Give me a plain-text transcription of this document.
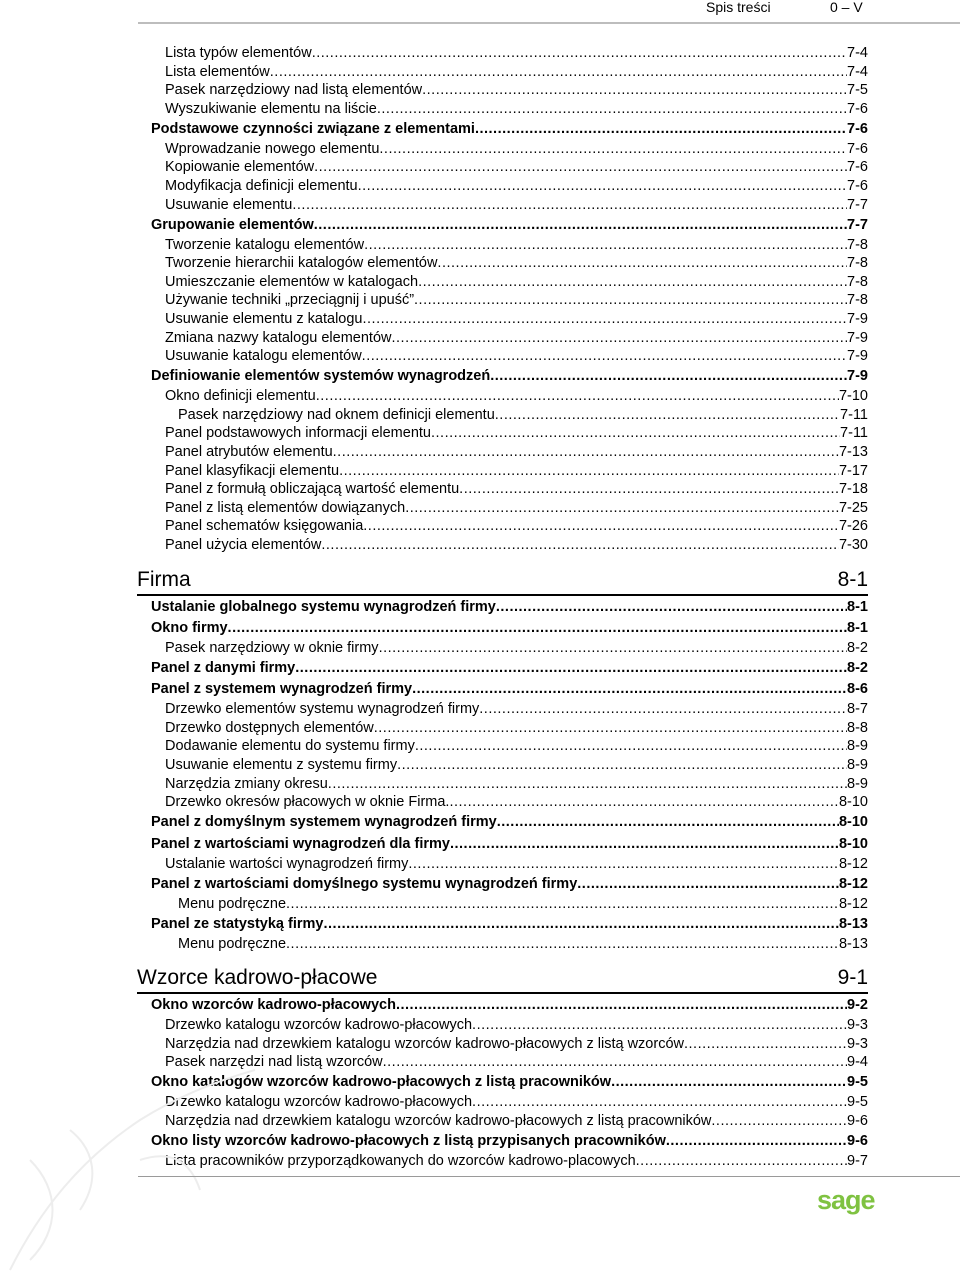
Spis treści	0 – V
Lista typów elementów .....	7-4
Lista elementów .....	7-4
Pasek narzędziowy nad listą elementów .....	7-5
Wyszukiwanie elementu na liście .....	7-6
Podstawowe czynności związane z elementami .....	7-6
Wprowadzanie nowego elementu .....	7-6
Kopiowanie elementów .....	7-6
Modyfikacja definicji elementu .....	7-6
Usuwanie elementu .....	7-7
Grupowanie elementów .....	7-7
Tworzenie katalogu elementów .....	7-8
Tworzenie hierarchii katalogów elementów .....	7-8
Umieszczanie elementów w katalogach .....	7-8
Używanie techniki „przeciągnij i upuść” .....	7-8
Usuwanie elementu z katalogu .....	7-9
Zmiana nazwy katalogu elementów .....	7-9
Usuwanie katalogu elementów .....	7-9
Definiowanie elementów systemów wynagrodzeń .....	7-9
Okno definicji elementu .....	7-10
Pasek narzędziowy nad oknem definicji elementu .....	7-11
Panel podstawowych informacji elementu .....	7-11
Panel atrybutów elementu .....	7-13
Panel klasyfikacji elementu .....	7-17
Panel z formułą obliczającą wartość elementu .....	7-18
Panel z listą elementów dowiązanych .....	7-25
Panel schematów księgowania .....	7-26
Panel użycia elementów .....	7-30
Firma	8-1
Ustalanie globalnego systemu wynagrodzeń firmy .....	8-1
Okno firmy .....	8-1
Pasek narzędziowy w oknie firmy .....	8-2
Panel z danymi firmy .....	8-2
Panel z systemem wynagrodzeń firmy .....	8-6
Drzewko elementów systemu wynagrodzeń firmy .....	8-7
Drzewko dostępnych elementów .....	8-8
Dodawanie elementu do systemu firmy .....	8-9
Usuwanie elementu z systemu firmy .....	8-9
Narzędzia zmiany okresu .....	8-9
Drzewko okresów płacowych w oknie Firma. .....	8-10
Panel z domyślnym systemem wynagrodzeń firmy .....	8-10
Panel z wartościami wynagrodzeń dla firmy .....	8-10
Ustalanie wartości wynagrodzeń firmy .....	8-12
Panel z wartościami domyślnego systemu wynagrodzeń firmy .....	8-12
Menu podręczne .....	8-12
Panel ze statystyką firmy .....	8-13
Menu podręczne .....	8-13
Wzorce kadrowo-płacowe	9-1
Okno wzorców kadrowo-płacowych .....	9-2
Drzewko katalogu wzorców kadrowo-płacowych .....	9-3
Narzędzia nad drzewkiem katalogu wzorców kadrowo-płacowych z listą wzorców .....	9-3
Pasek narzędzi nad listą wzorców .....	9-4
Okno katalogów wzorców kadrowo-płacowych z listą pracowników .....	9-5
Drzewko katalogu wzorców kadrowo-płacowych .....	9-5
Narzędzia nad drzewkiem katalogu wzorców kadrowo-płacowych z listą pracowników .....	9-6
Okno listy wzorców kadrowo-płacowych z listą przypisanych pracowników .....	9-6
Lista pracowników przyporządkowanych do wzorców kadrowo-placowych .....	9-7
sage
